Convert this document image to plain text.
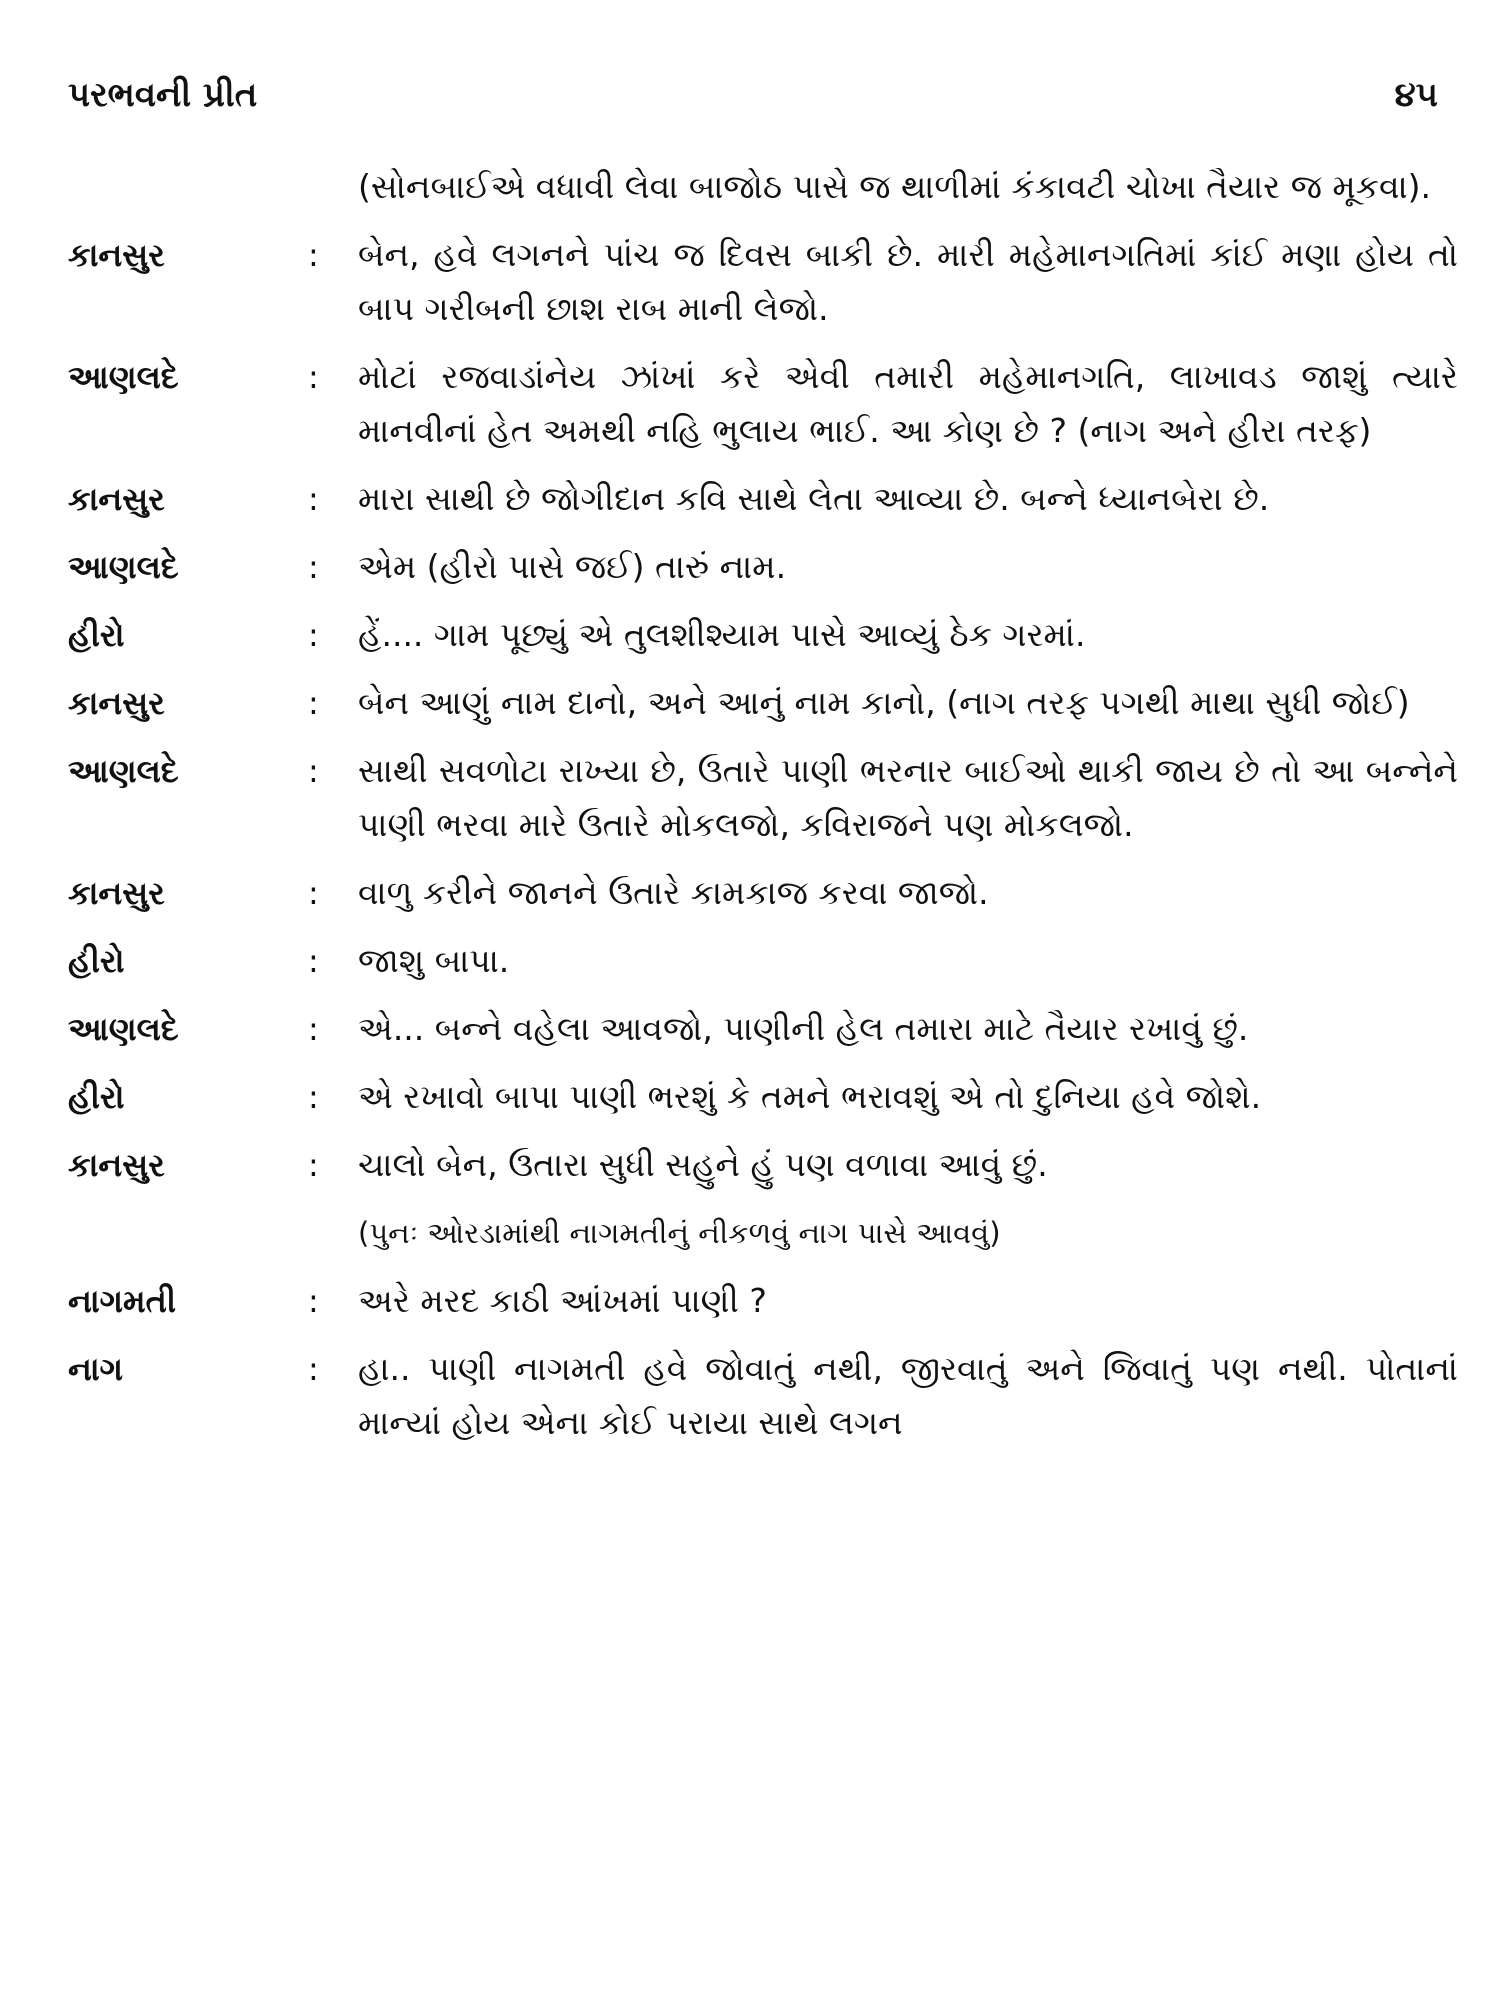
પરભવની પ્રીત	૪૫
(સોનબાઈએ વધાવી લેવા બાજોઠ પાસે જ થાળીમાં કંકાવટી ચોખા તૈયાર જ મૂકવા).
કાનસુર	:	બેન, હવે લગનને પાંચ જ દિવસ બાકી છે. મારી મહેમાનગતિમાં કાંઈ મણા હોય તો બાપ ગરીબની છાશ રાબ માની લેજો.
આણલદે	:	મોટાં રજવાડાંનેય ઝાંખાં કરે એવી તમારી મહેમાનગતિ, લાખાવડ જાશું ત્યારે માનવીનાં હેત અમથી નહિ ભુલાય ભાઈ. આ કોણ છે ? (નાગ અને હીરા તરફ)
કાનસુર	:	મારા સાથી છે જોગીદાન કવિ સાથે લેતા આવ્યા છે. બન્ને ધ્યાનબેરા છે.
આણલદે	:	એમ (હીરો પાસે જઈ) તારું નામ.
હીરો	:	હેં.... ગામ પૂછ્યું એ તુલશીશ્યામ પાસે આવ્યું ઠેક ગરમાં.
કાનસુર	:	બેન આણું નામ દાનો, અને આનું નામ કાનો, (નાગ તરફ પગથી માથા સુધી જોઈ)
આણલદે	:	સાથી સવળોટા રાખ્યા છે, ઉતારે પાણી ભરનાર બાઈઓ થાકી જાય છે તો આ બન્નેને પાણી ભરવા મારે ઉતારે મોકલજો, કવિરાજને પણ મોકલજો.
કાનસુર	:	વાળુ કરીને જાનને ઉતારે કામકાજ કરવા જાજો.
હીરો	:	જાશુ બાપા.
આણલદે	:	એ... બન્ને વહેલા આવજો, પાણીની હેલ તમારા માટે તૈયાર રખાવું છું.
હીરો	:	એ રખાવો બાપા પાણી ભરશું કે તમને ભરાવશું એ તો દુનિયા હવે જોશે.
કાનસુર	:	ચાલો બેન, ઉતારા સુધી સહુને હું પણ વળાવા આવું છું.
(પુનઃ ઓરડામાંથી નાગમતીનું નીકળવું નાગ પાસે આવવું)
નાગમતી	:	અરે મરદ કાઠી આંખમાં પાણી ?
નાગ	:	હા.. પાણી નાગમતી હવે જોવાતું નથી, જીરવાતું અને જિવાતું પણ નથી. પોતાનાં માન્યાં હોય એના કોઈ પરાયા સાથે લગન
